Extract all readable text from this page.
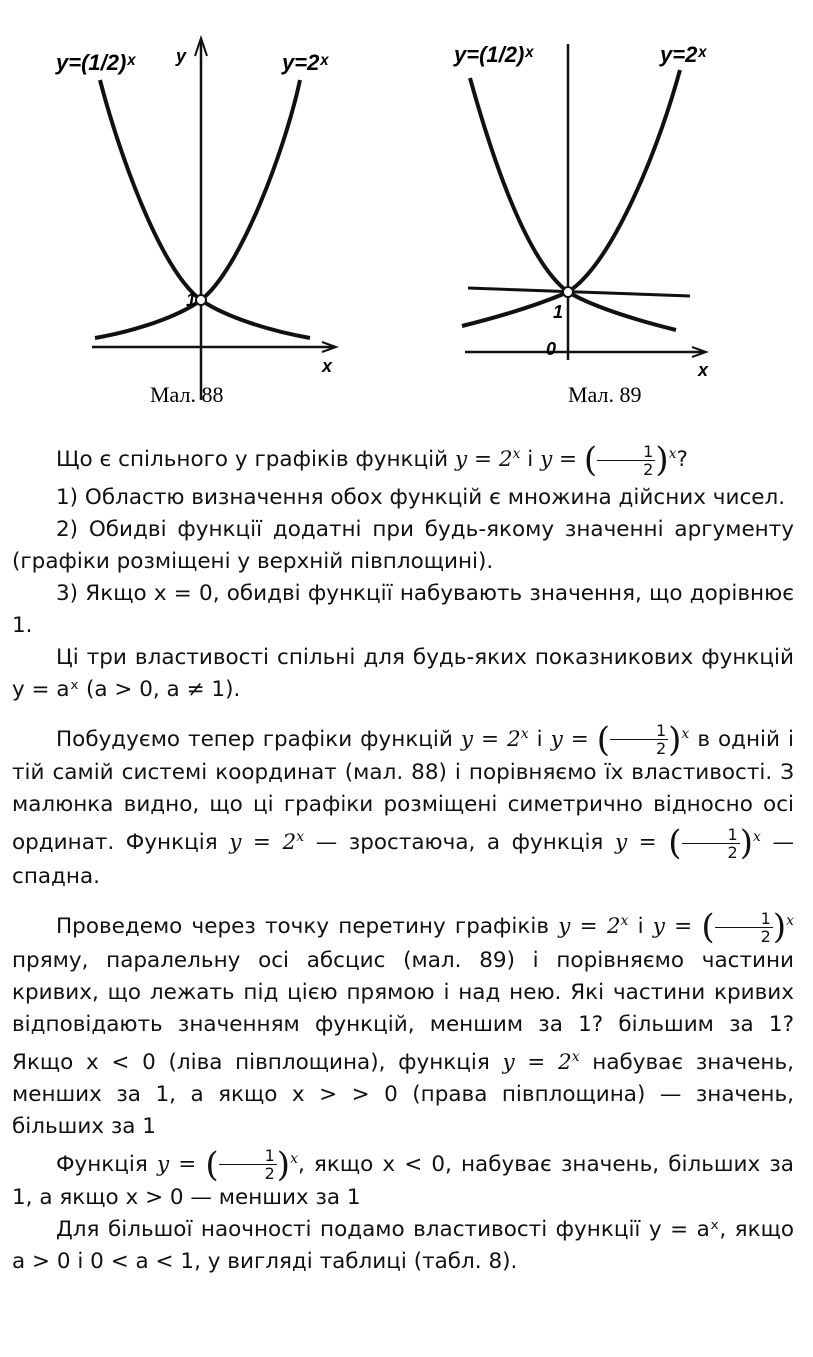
y=(1/2)ˣ	y=2ˣ
y
x
1
Мал. 88
y=(1/2)ˣ	y=2ˣ
1
0
x
Мал. 89

Що є спільного у графіків функцій $y = 2^x$ і y = ( $\frac{1}{2} )^x$?

1) Областю визначення обох функцій є множина дійсних чисел.

2) Обидві функції додатні при будь-якому значенні аргументу (графіки розміщені у верхній півплощині).

3) Якщо x = 0, обидві функції набувають значення, що дорівнює 1.

Ці три властивості спільні для будь-яких показникових функцій y = aˣ (a > 0, a ≠ 1).

Побудуємо тепер графіки функцій $y = 2^x$ і y = ( $\frac{1}{2} )^x$ в одній і тій самій системі координат (мал. 88) і порівняємо їх властивості. З малюнка видно, що ці графіки розміщені симетрично відносно осі ординат. Функція $y = 2^x$ — зростаюча, а функція y = ( $\frac{1}{2} )^x$ — спадна.

Проведемо через точку перетину графіків $y = 2^x$ і y = ( $\frac{1}{2} )^x$ пряму, паралельну осі абсцис (мал. 89) і порівняємо частини кривих, що лежать під цією прямою і над нею. Які частини кривих відповідають значенням функцій, меншим за 1? більшим за 1? Якщо x < 0 (ліва півплощина), функція $y = 2^x$ набуває значень, менших за 1, а якщо x > > 0 (права півплощина) — значень, більших за 1

Функція y = ( $\frac{1}{2} )^x$, якщо x < 0, набуває значень, більших за 1, а якщо x > 0 — менших за 1

Для більшої наочності подамо властивості функції y = aˣ, якщо a > 0 і 0 < a < 1, у вигляді таблиці (табл. 8).
